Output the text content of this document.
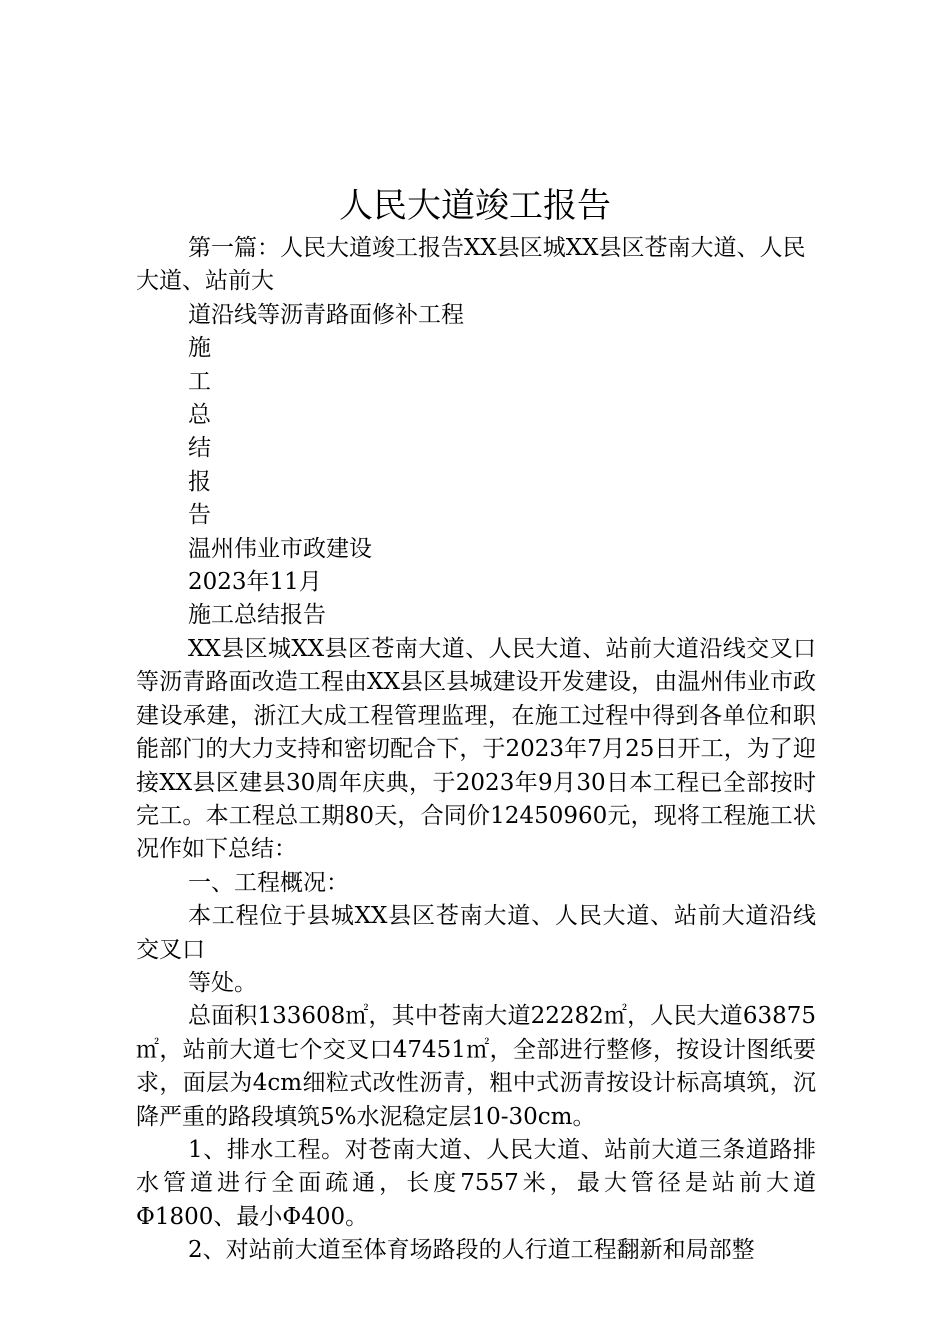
人民大道竣工报告

第一篇：人民大道竣工报告XX县区城XX县区苍南大道、人民大道、站前大

道沿线等沥青路面修补工程

施

工

总

结

报

告

温州伟业市政建设

2023年11月

施工总结报告

XX县区城XX县区苍南大道、人民大道、站前大道沿线交叉口等沥青路面改造工程由XX县区县城建设开发建设，由温州伟业市政建设承建，浙江大成工程管理监理，在施工过程中得到各单位和职能部门的大力支持和密切配合下，于2023年7月25日开工，为了迎接XX县区建县30周年庆典，于2023年9月30日本工程已全部按时完工。本工程总工期80天，合同价12450960元，现将工程施工状况作如下总结：

一、工程概况：

本工程位于县城XX县区苍南大道、人民大道、站前大道沿线交叉口

等处。

总面积133608㎡，其中苍南大道22282㎡，人民大道63875㎡，站前大道七个交叉口47451㎡，全部进行整修，按设计图纸要求，面层为4cm细粒式改性沥青，粗中式沥青按设计标高填筑，沉降严重的路段填筑5%水泥稳定层10-30cm。

1、排水工程。对苍南大道、人民大道、站前大道三条道路排水管道进行全面疏通，长度7557米，最大管径是站前大道Φ1800、最小Φ400。

2、对站前大道至体育场路段的人行道工程翻新和局部整
